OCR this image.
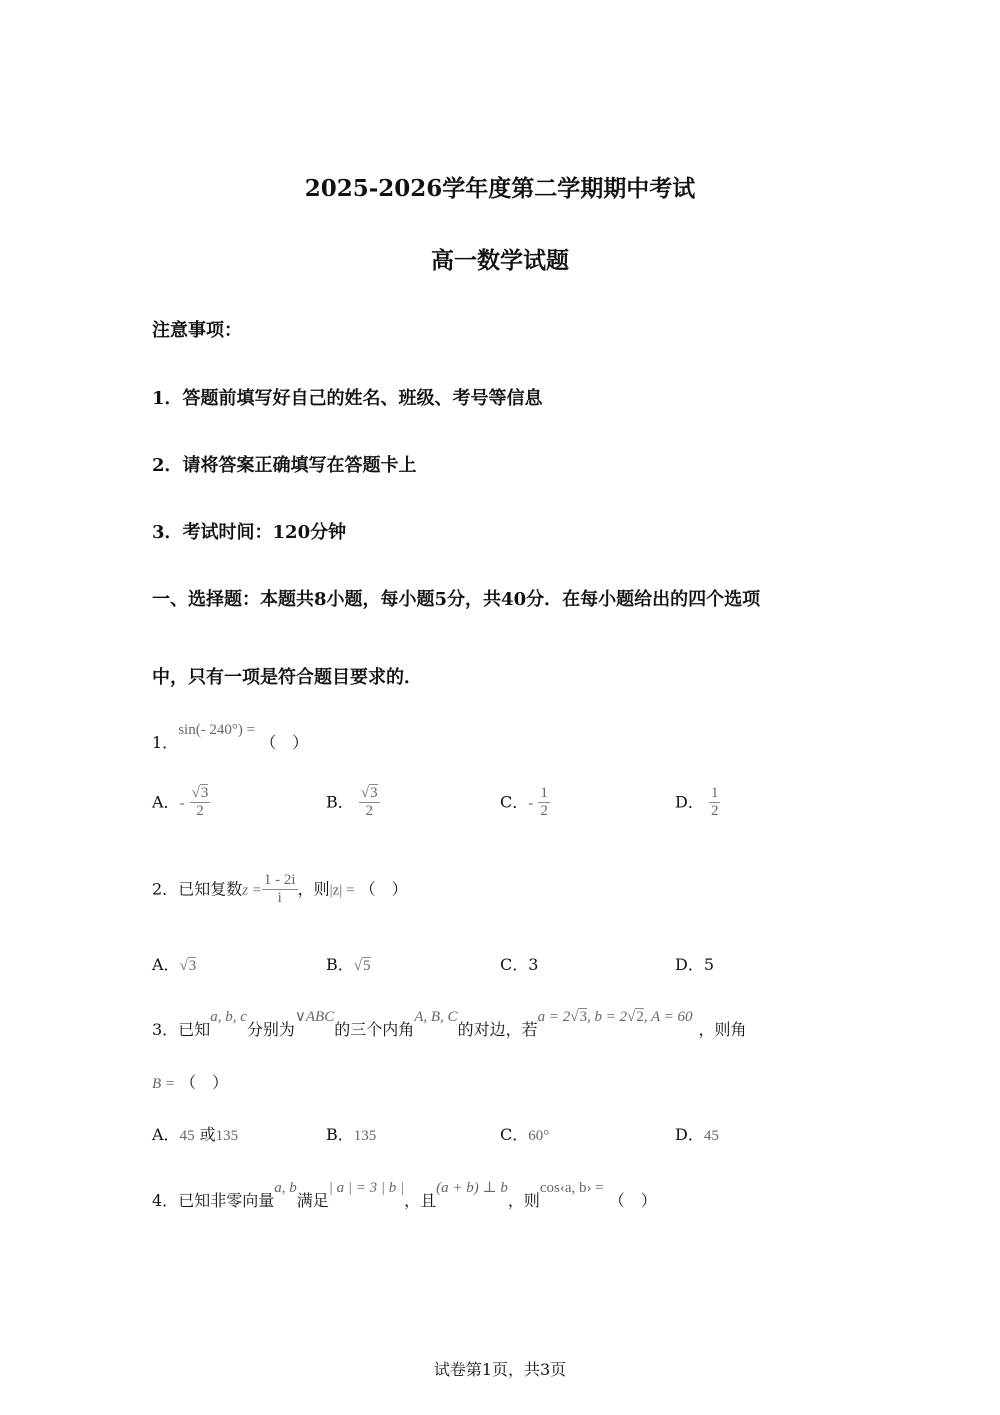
2025-2026学年度第二学期期中考试
高一数学试题
注意事项：
1．答题前填写好自己的姓名、班级、考号等信息
2．请将答案正确填写在答题卡上
3．考试时间：120分钟
一、选择题：本题共8小题，每小题5分，共40分．在每小题给出的四个选项
中，只有一项是符合题目要求的．
1．sin(- 240°) = （　）
A．- $\frac{√3}{2}$	B． $\frac{√3}{2}$	C．- $\frac{1}{2}$	D． $\frac{1}{2}$
2．已知复数$z = \frac{1 - 2i}{i}$ ，则|z| = （　）
A．√3	B．√5	C．3	D．5
3．已知a, b, c分别为∨ABC的三个内角A, B, C的对边，若a = 2√3, b = 2√2, A = 60，则角
B = （　）
A．45 或135	B．135	C．60°	D．45
4．已知非零向量a, b满足| a | = 3 | b |，且(a + b) ⊥ b，则cos‹a, b› = （　）
试卷第1页，共3页
